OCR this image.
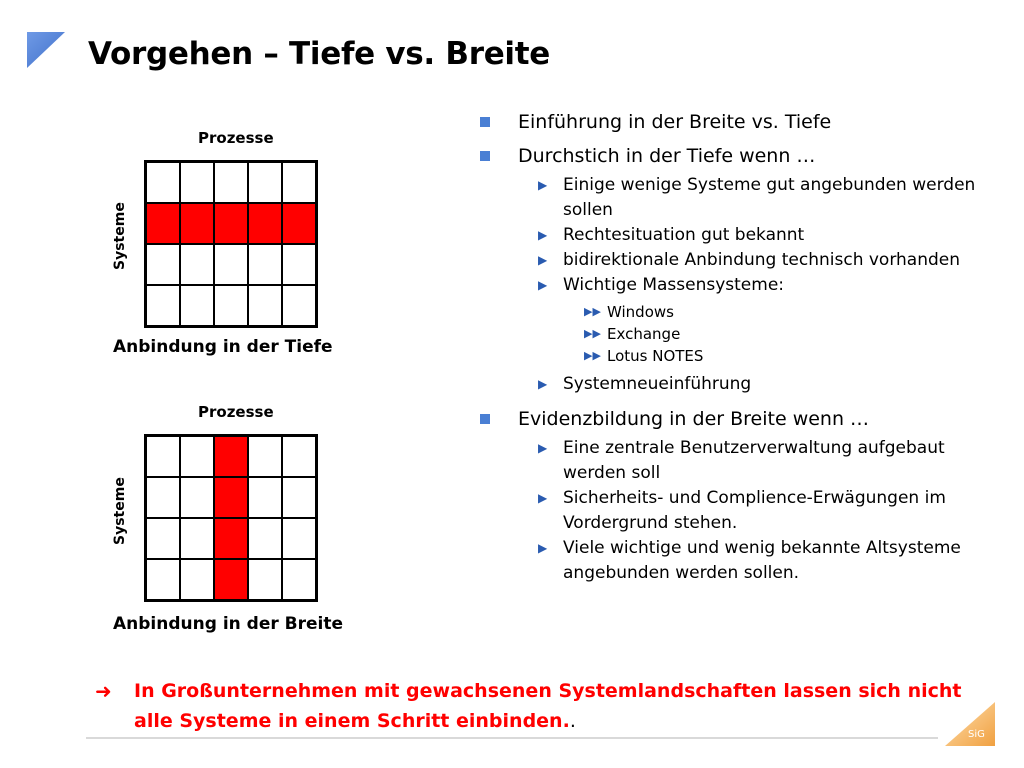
Vorgehen – Tiefe vs. Breite
Prozesse
Systeme
Anbindung in der Tiefe
Prozesse
Systeme
Anbindung in der Breite
Einführung in der Breite vs. Tiefe
Durchstich in der Tiefe wenn …
▶ Einige wenige Systeme gut angebunden werden sollen
▶ Rechtesituation gut bekannt
▶ bidirektionale Anbindung technisch vorhanden
▶ Wichtige Massensysteme:
▶▶ Windows
▶▶ Exchange
▶▶ Lotus NOTES
▶ Systemneueinführung
Evidenzbildung in der Breite wenn …
▶ Eine zentrale Benutzerverwaltung aufgebaut werden soll
▶ Sicherheits- und Complience-Erwägungen im Vordergrund stehen.
▶ Viele wichtige und wenig bekannte Altsysteme angebunden werden sollen.
➜	In Großunternehmen mit gewachsenen Systemlandschaften lassen sich nicht alle Systeme in einem Schritt einbinden..
SiG
